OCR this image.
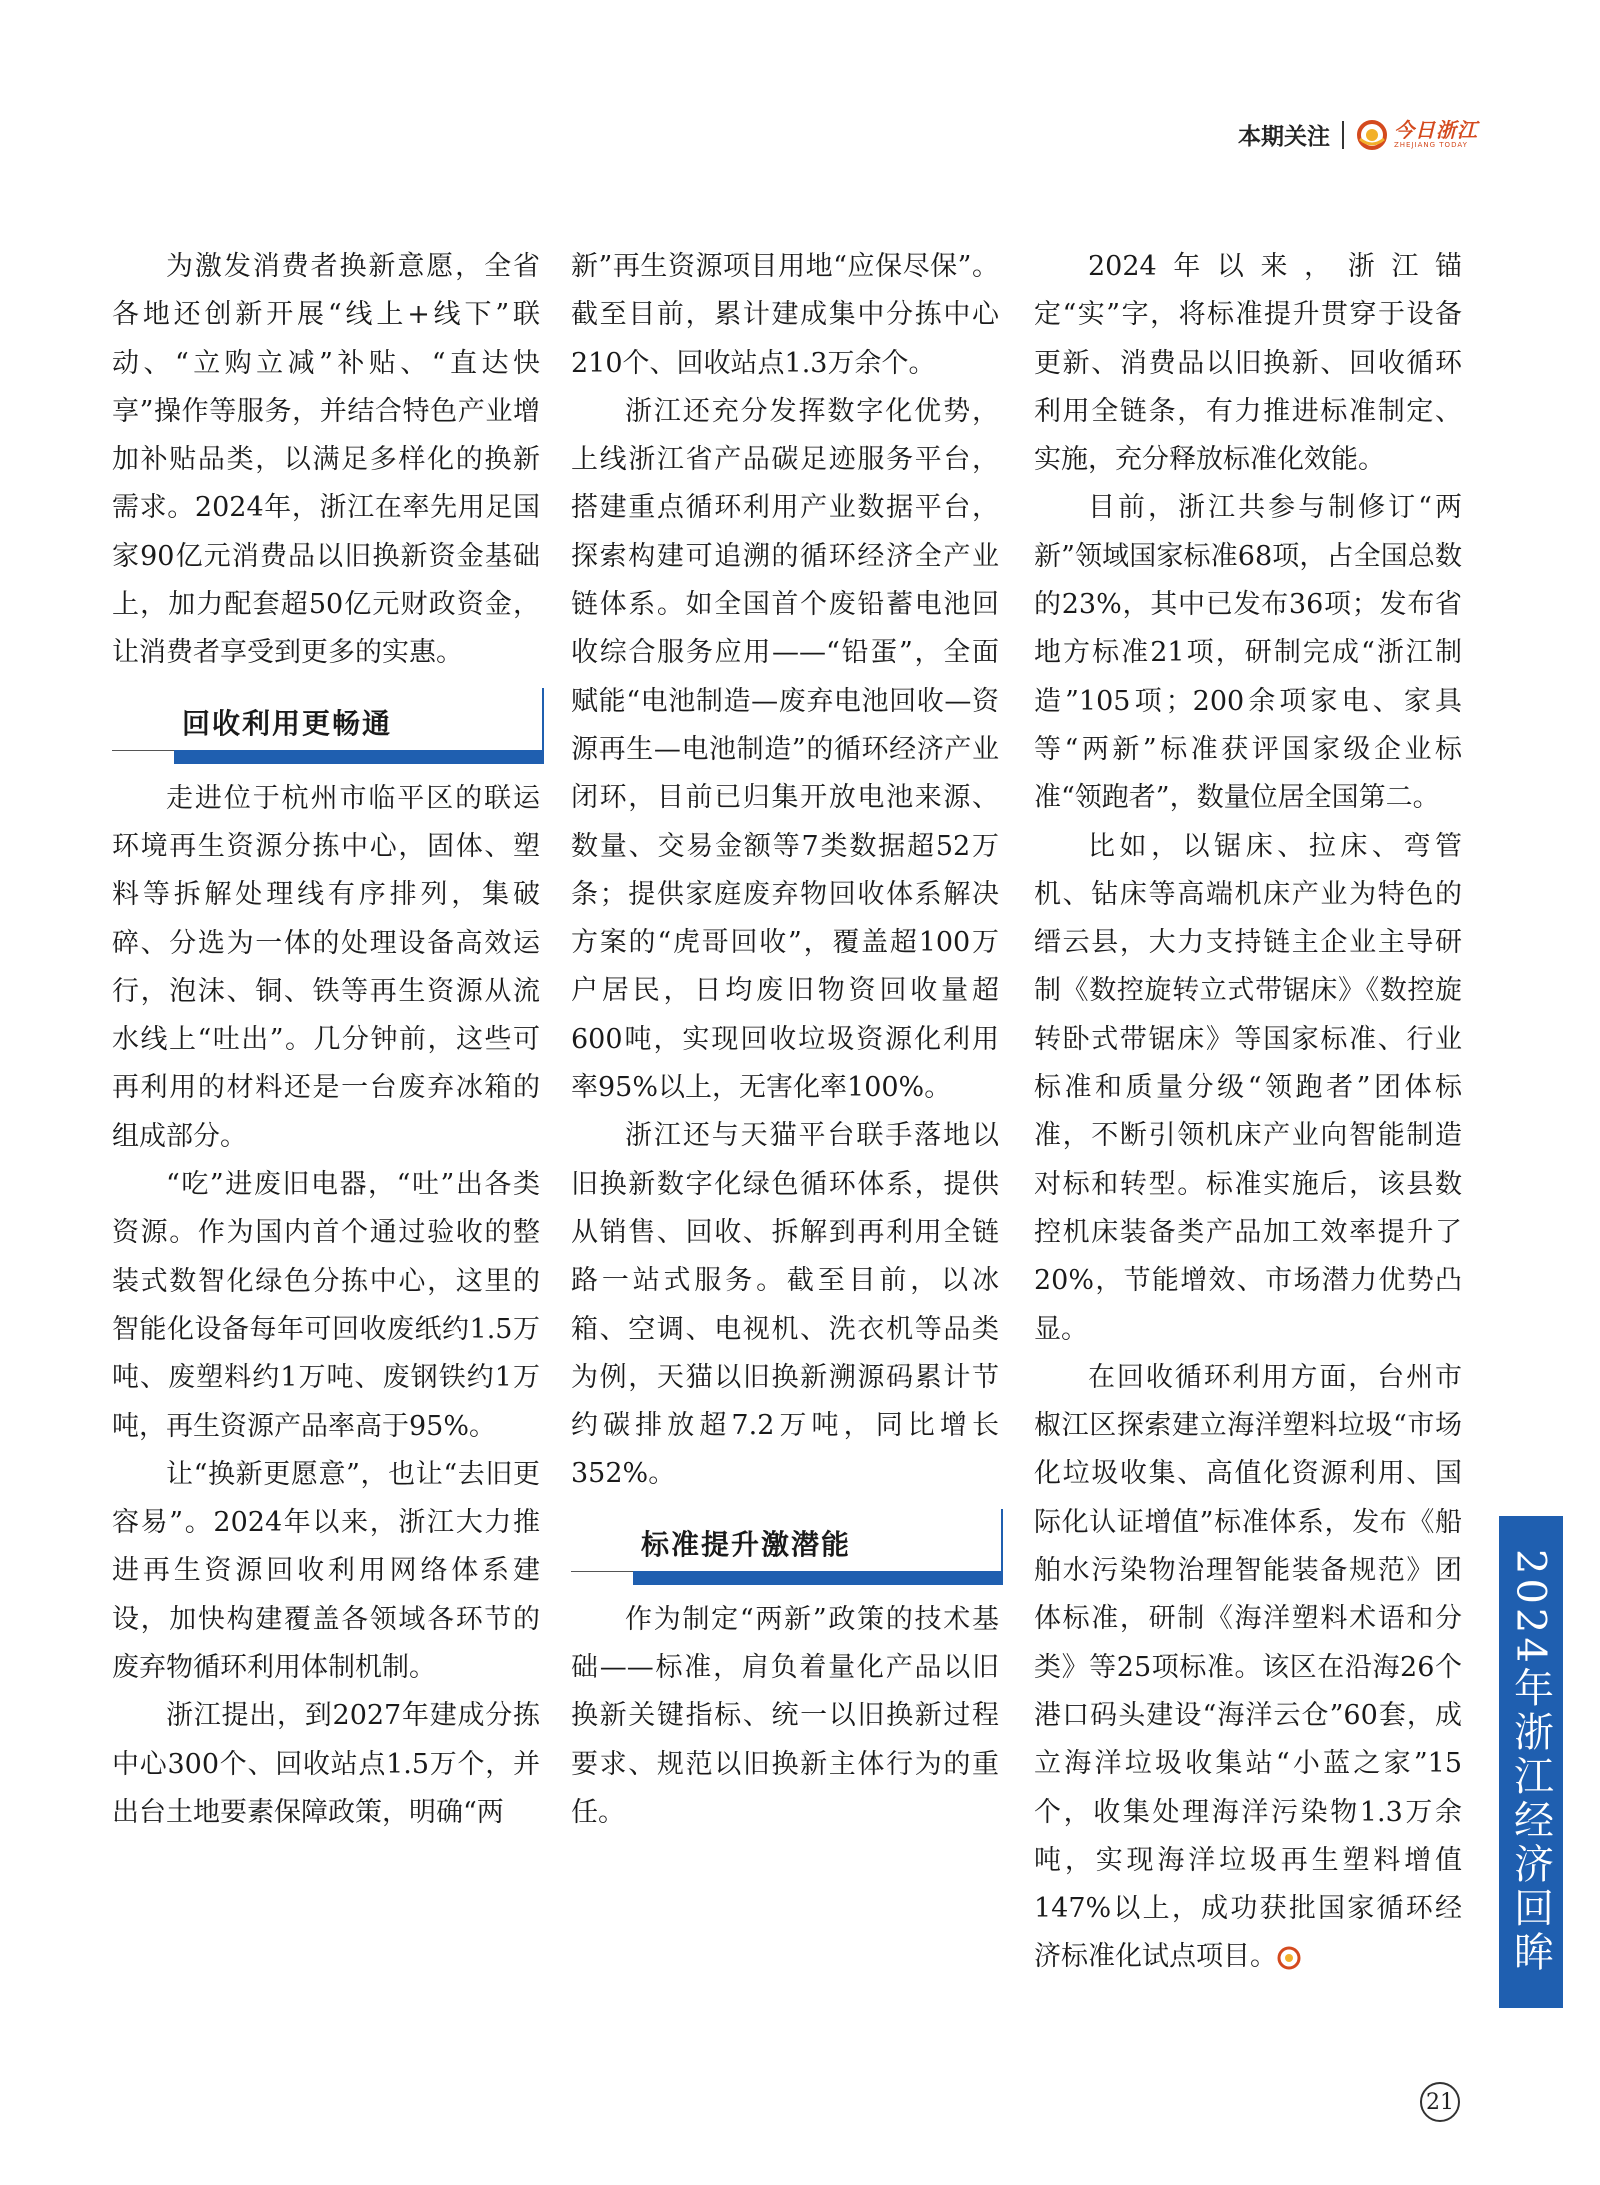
本期关注	今日浙江
ZHEJIANG TODAY

为激发消费者换新意愿，全省各地还创新开展“线上+线下”联动、“立购立减”补贴、“直达快享”操作等服务，并结合特色产业增加补贴品类，以满足多样化的换新需求。2024年，浙江在率先用足国家90亿元消费品以旧换新资金基础上，加力配套超50亿元财政资金，让消费者享受到更多的实惠。

回收利用更畅通

走进位于杭州市临平区的联运环境再生资源分拣中心，固体、塑料等拆解处理线有序排列，集破碎、分选为一体的处理设备高效运行，泡沫、铜、铁等再生资源从流水线上“吐出”。几分钟前，这些可再利用的材料还是一台废弃冰箱的组成部分。

“吃”进废旧电器，“吐”出各类资源。作为国内首个通过验收的整装式数智化绿色分拣中心，这里的智能化设备每年可回收废纸约1.5万吨、废塑料约1万吨、废钢铁约1万吨，再生资源产品率高于95%。

让“换新更愿意”，也让“去旧更容易”。2024年以来，浙江大力推进再生资源回收利用网络体系建设，加快构建覆盖各领域各环节的废弃物循环利用体制机制。

浙江提出，到2027年建成分拣中心300个、回收站点1.5万个，并出台土地要素保障政策，明确“两

新”再生资源项目用地“应保尽保”。截至目前，累计建成集中分拣中心210个、回收站点1.3万余个。

浙江还充分发挥数字化优势，上线浙江省产品碳足迹服务平台，搭建重点循环利用产业数据平台，探索构建可追溯的循环经济全产业链体系。如全国首个废铅蓄电池回收综合服务应用——“铅蛋”，全面赋能“电池制造—废弃电池回收—资源再生—电池制造”的循环经济产业闭环，目前已归集开放电池来源、数量、交易金额等7类数据超52万条；提供家庭废弃物回收体系解决方案的“虎哥回收”，覆盖超100万户居民，日均废旧物资回收量超600吨，实现回收垃圾资源化利用率95%以上，无害化率100%。

浙江还与天猫平台联手落地以旧换新数字化绿色循环体系，提供从销售、回收、拆解到再利用全链路一站式服务。截至目前，以冰箱、空调、电视机、洗衣机等品类为例，天猫以旧换新溯源码累计节约碳排放超7.2万吨，同比增长352%。

标准提升激潜能

作为制定“两新”政策的技术基础——标准，肩负着量化产品以旧换新关键指标、统一以旧换新过程要求、规范以旧换新主体行为的重任。

2024年以来，浙江锚定“实”字，将标准提升贯穿于设备更新、消费品以旧换新、回收循环利用全链条，有力推进标准制定、实施，充分释放标准化效能。

目前，浙江共参与制修订“两新”领域国家标准68项，占全国总数的23%，其中已发布36项；发布省地方标准21项，研制完成“浙江制造”105项；200余项家电、家具等“两新”标准获评国家级企业标准“领跑者”，数量位居全国第二。

比如，以锯床、拉床、弯管机、钻床等高端机床产业为特色的缙云县，大力支持链主企业主导研制《数控旋转立式带锯床》《数控旋转卧式带锯床》等国家标准、行业标准和质量分级“领跑者”团体标准，不断引领机床产业向智能制造对标和转型。标准实施后，该县数控机床装备类产品加工效率提升了20%，节能增效、市场潜力优势凸显。

在回收循环利用方面，台州市椒江区探索建立海洋塑料垃圾“市场化垃圾收集、高值化资源利用、国际化认证增值”标准体系，发布《船舶水污染物治理智能装备规范》团体标准，研制《海洋塑料术语和分类》等25项标准。该区在沿海26个港口码头建设“海洋云仓”60套，成立海洋垃圾收集站“小蓝之家”15个，收集处理海洋污染物1.3万余吨，实现海洋垃圾再生塑料增值147%以上，成功获批国家循环经济标准化试点项目。	2024年浙江经济回眸
21
